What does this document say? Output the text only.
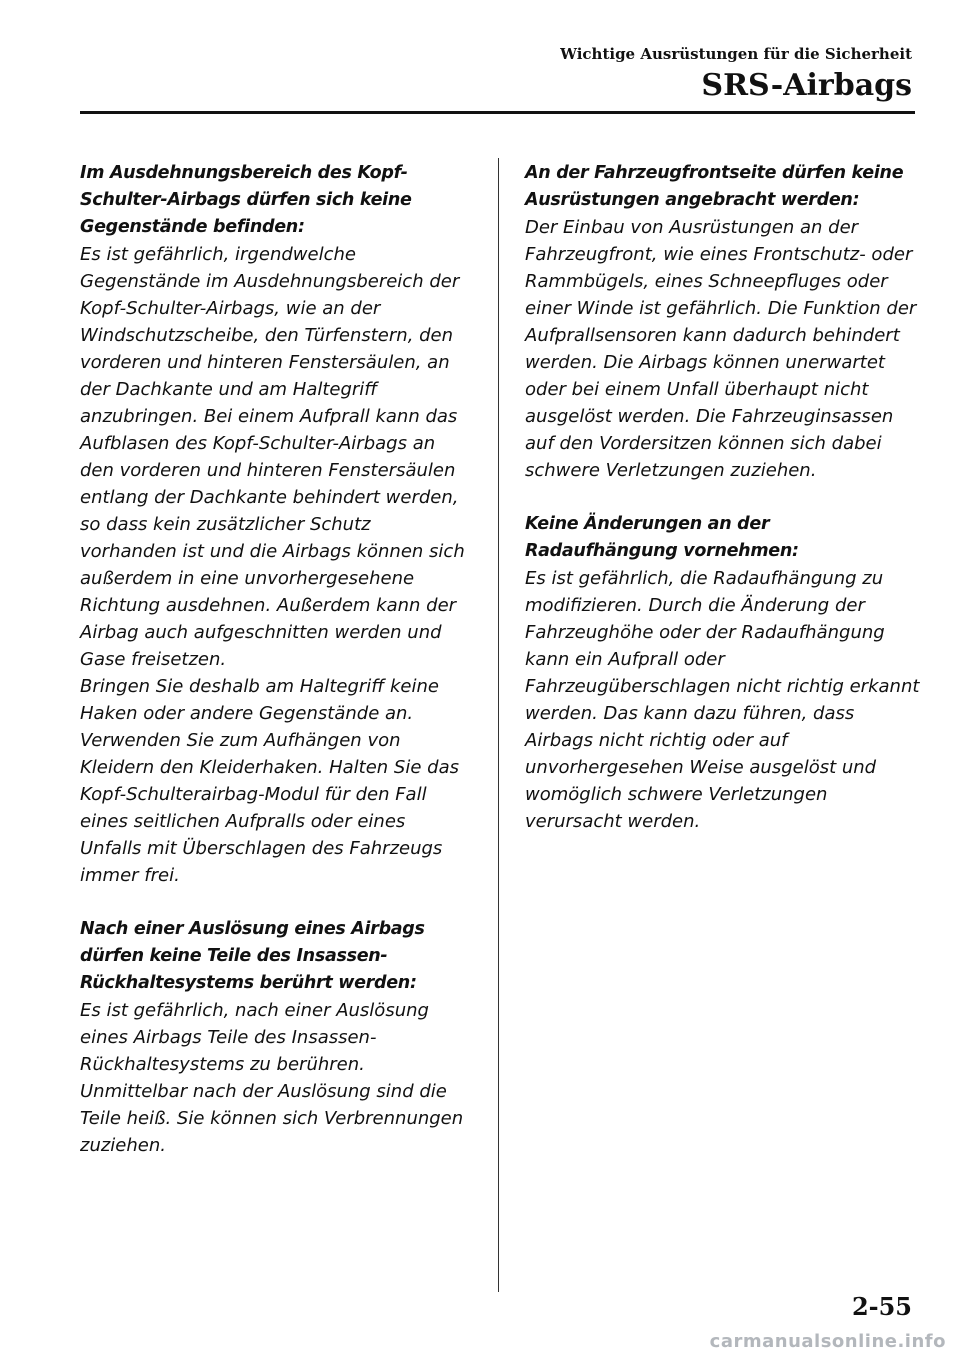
Wichtige Ausrüstungen für die Sicherheit
SRS-Airbags
Im Ausdehnungsbereich des Kopf-Schulter-Airbags dürfen sich keine Gegenstände befinden:

Es ist gefährlich, irgendwelche Gegenstände im Ausdehnungsbereich der Kopf-Schulter-Airbags, wie an der Windschutzscheibe, den Türfenstern, den vorderen und hinteren Fenstersäulen, an der Dachkante und am Haltegriff anzubringen. Bei einem Aufprall kann das Aufblasen des Kopf-Schulter-Airbags an den vorderen und hinteren Fenstersäulen entlang der Dachkante behindert werden, so dass kein zusätzlicher Schutz vorhanden ist und die Airbags können sich außerdem in eine unvorhergesehene Richtung ausdehnen. Außerdem kann der Airbag auch aufgeschnitten werden und Gase freisetzen.

Bringen Sie deshalb am Haltegriff keine Haken oder andere Gegenstände an. Verwenden Sie zum Aufhängen von Kleidern den Kleiderhaken. Halten Sie das Kopf-Schulterairbag-Modul für den Fall eines seitlichen Aufpralls oder eines Unfalls mit Überschlagen des Fahrzeugs immer frei.

Nach einer Auslösung eines Airbags dürfen keine Teile des Insassen-Rückhaltesystems berührt werden:

Es ist gefährlich, nach einer Auslösung eines Airbags Teile des Insassen-Rückhaltesystems zu berühren. Unmittelbar nach der Auslösung sind die Teile heiß. Sie können sich Verbrennungen zuziehen.

An der Fahrzeugfrontseite dürfen keine Ausrüstungen angebracht werden:

Der Einbau von Ausrüstungen an der Fahrzeugfront, wie eines Frontschutz- oder Rammbügels, eines Schneepfluges oder einer Winde ist gefährlich. Die Funktion der Aufprallsensoren kann dadurch behindert werden. Die Airbags können unerwartet oder bei einem Unfall überhaupt nicht ausgelöst werden. Die Fahrzeuginsassen auf den Vordersitzen können sich dabei schwere Verletzungen zuziehen.

Keine Änderungen an der Radaufhängung vornehmen:

Es ist gefährlich, die Radaufhängung zu modifizieren. Durch die Änderung der Fahrzeughöhe oder der Radaufhängung kann ein Aufprall oder Fahrzeugüberschlagen nicht richtig erkannt werden. Das kann dazu führen, dass Airbags nicht richtig oder auf unvorhergesehen Weise ausgelöst und womöglich schwere Verletzungen verursacht werden.

2-55
carmanualsonline.info
